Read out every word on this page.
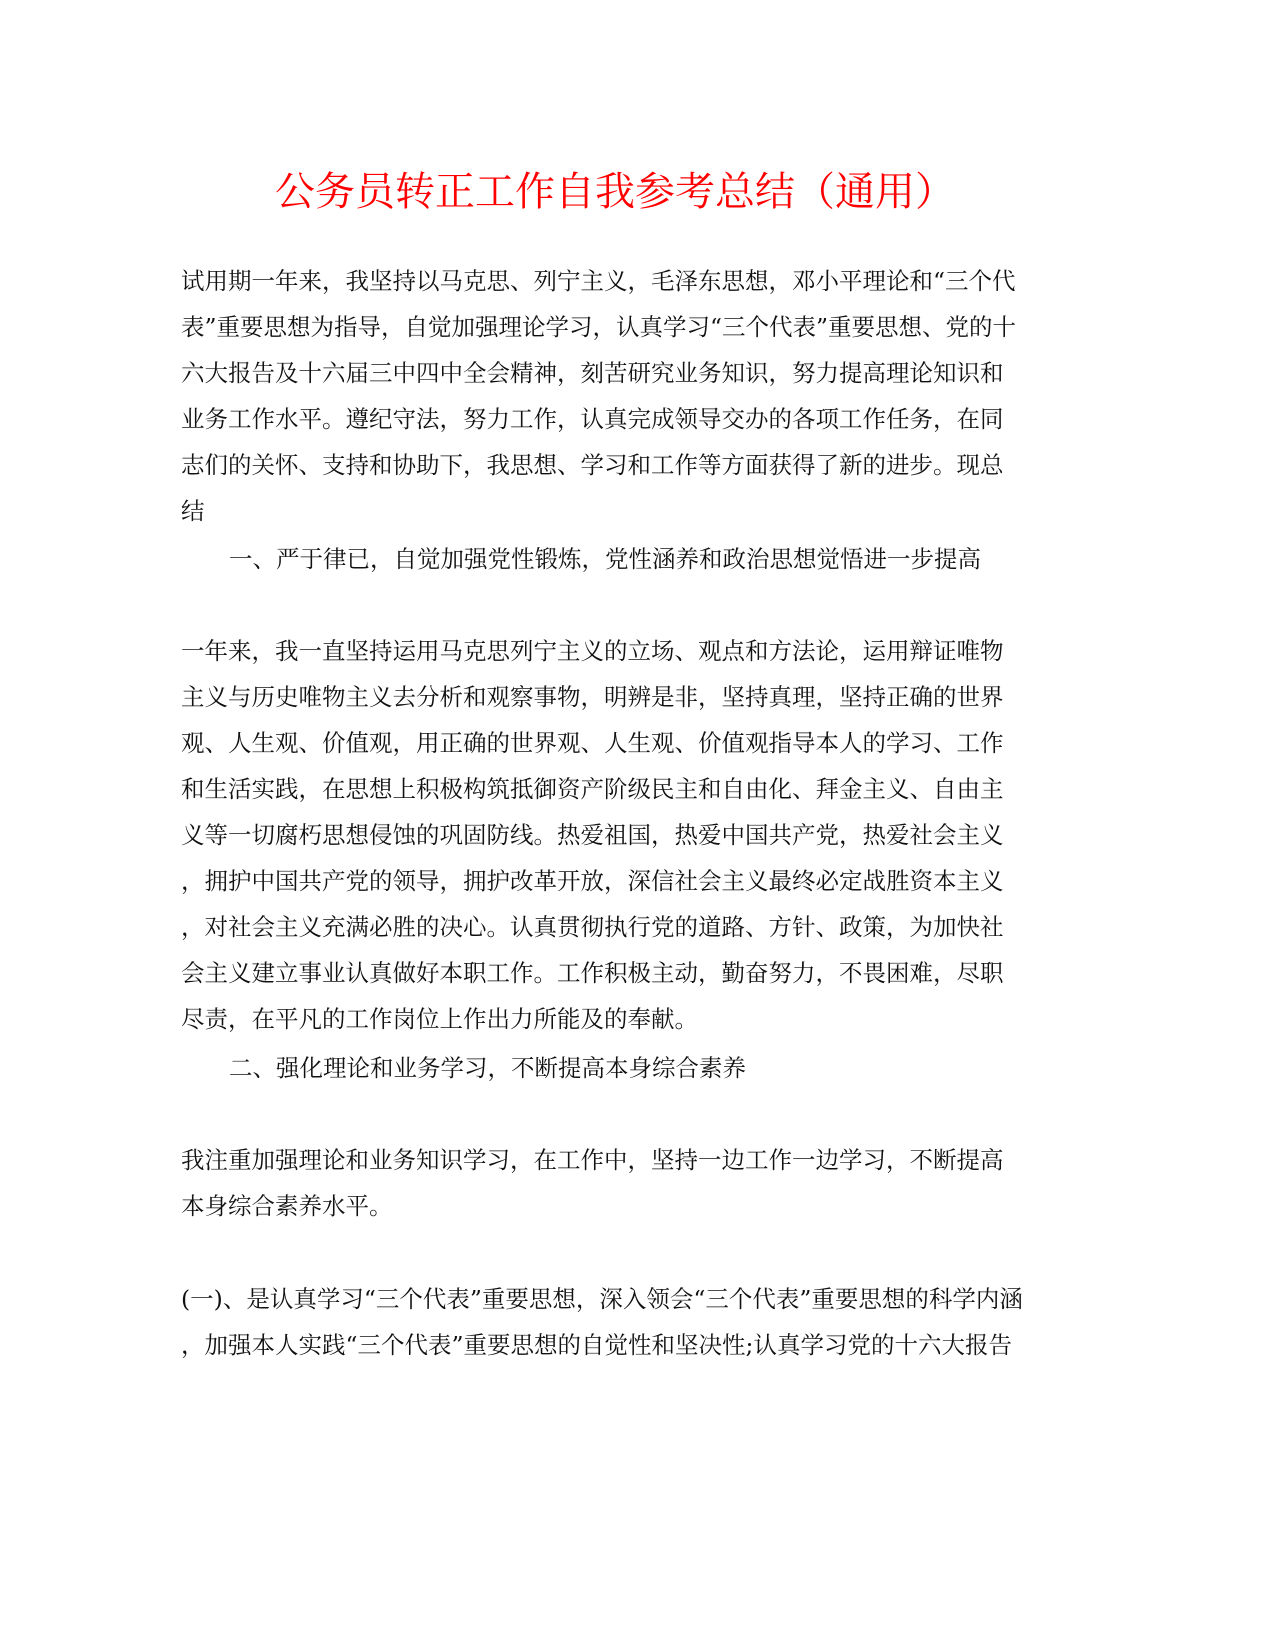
公务员转正工作自我参考总结（通用）
试用期一年来，我坚持以马克思、列宁主义，毛泽东思想，邓小平理论和“三个代
表”重要思想为指导，自觉加强理论学习，认真学习“三个代表”重要思想、党的十
六大报告及十六届三中四中全会精神，刻苦研究业务知识，努力提高理论知识和
业务工作水平。遵纪守法，努力工作，认真完成领导交办的各项工作任务，在同
志们的关怀、支持和协助下，我思想、学习和工作等方面获得了新的进步。现总
结
一、严于律已，自觉加强党性锻炼，党性涵养和政治思想觉悟进一步提高
一年来，我一直坚持运用马克思列宁主义的立场、观点和方法论，运用辩证唯物
主义与历史唯物主义去分析和观察事物，明辨是非，坚持真理，坚持正确的世界
观、人生观、价值观，用正确的世界观、人生观、价值观指导本人的学习、工作
和生活实践，在思想上积极构筑抵御资产阶级民主和自由化、拜金主义、自由主
义等一切腐朽思想侵蚀的巩固防线。热爱祖国，热爱中国共产党，热爱社会主义
，拥护中国共产党的领导，拥护改革开放，深信社会主义最终必定战胜资本主义
，对社会主义充满必胜的决心。认真贯彻执行党的道路、方针、政策，为加快社
会主义建立事业认真做好本职工作。工作积极主动，勤奋努力，不畏困难，尽职
尽责，在平凡的工作岗位上作出力所能及的奉献。
二、强化理论和业务学习，不断提高本身综合素养
我注重加强理论和业务知识学习，在工作中，坚持一边工作一边学习，不断提高
本身综合素养水平。
(一)、是认真学习“三个代表”重要思想，深入领会“三个代表”重要思想的科学内涵
，加强本人实践“三个代表”重要思想的自觉性和坚决性;认真学习党的十六大报告
